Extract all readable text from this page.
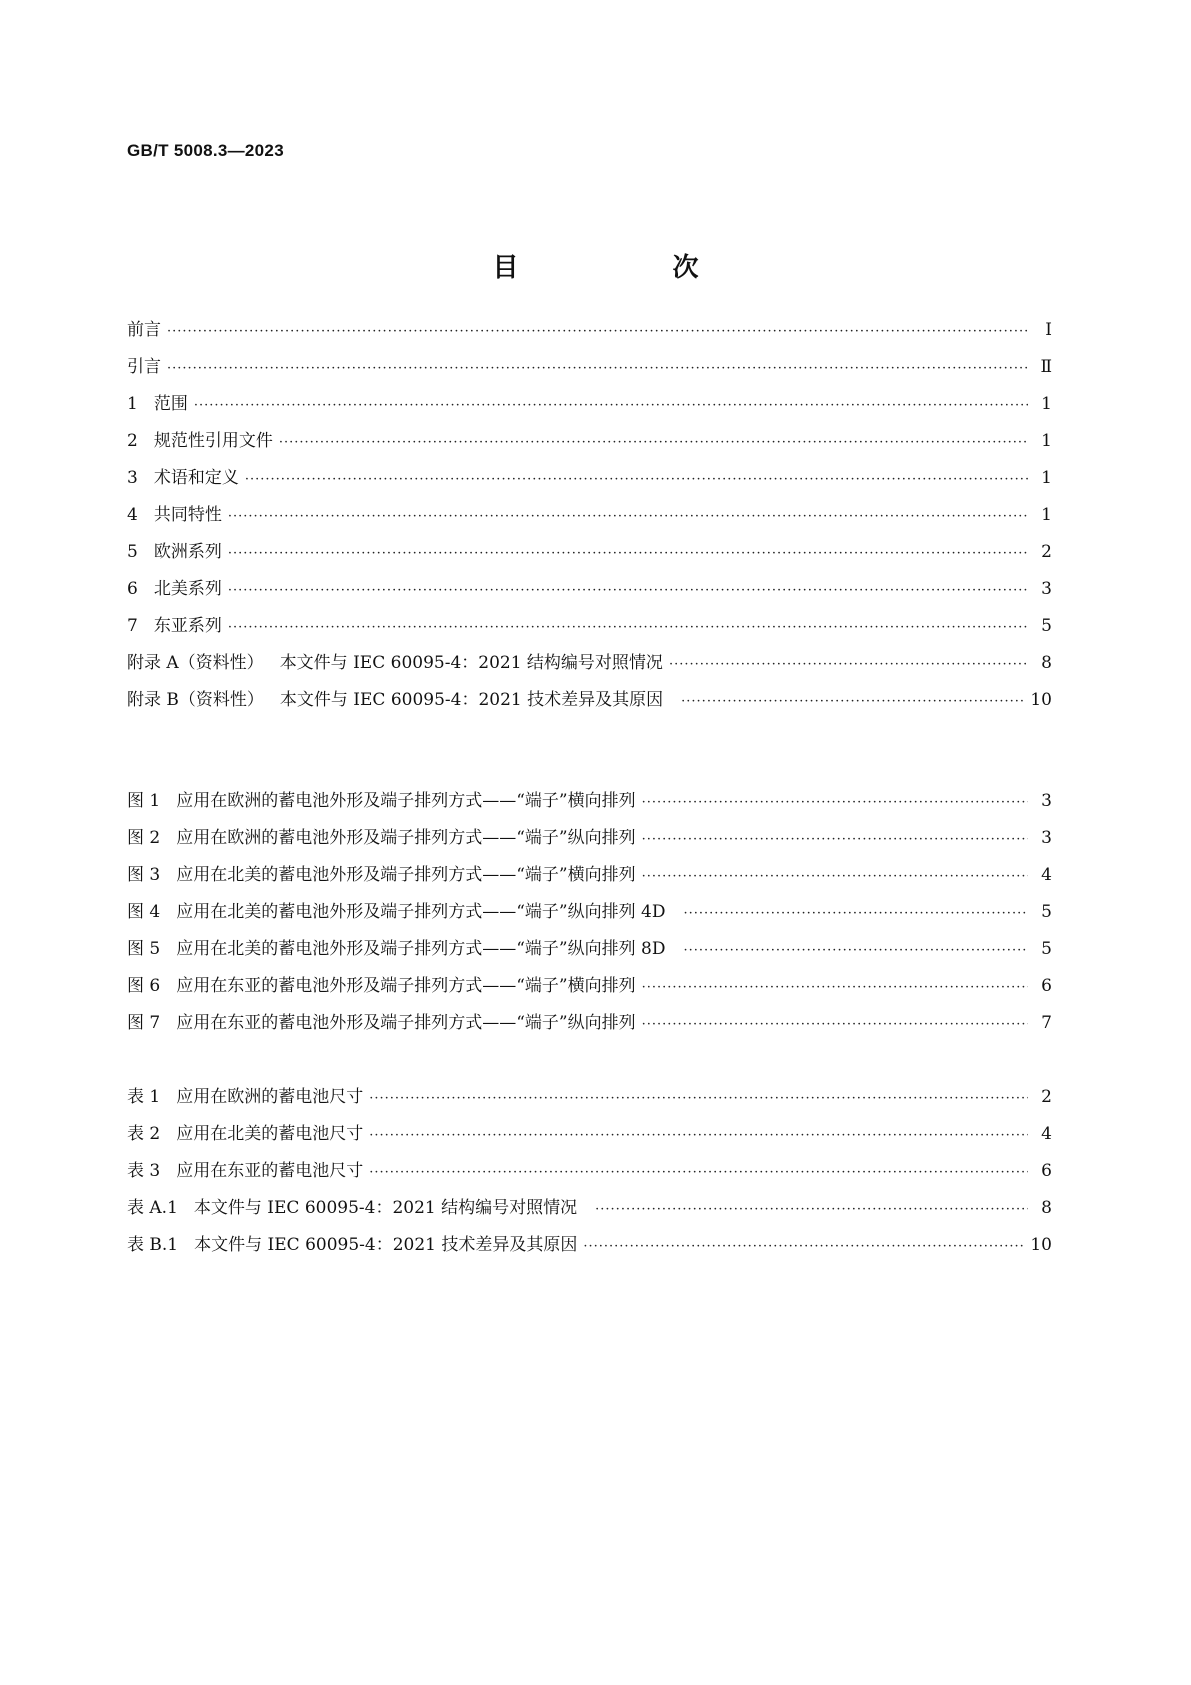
GB/T 5008.3—2023
目　次
前言 ·····	Ⅰ
引言 ·····	Ⅱ
1 范围 ·····	1
2 规范性引用文件 ·····	1
3 术语和定义 ·····	1
4 共同特性 ·····	1
5 欧洲系列 ·····	2
6 北美系列 ·····	3
7 东亚系列 ·····	5
附录 A（资料性） 本文件与 IEC 60095-4：2021 结构编号对照情况 ·····	8
附录 B（资料性） 本文件与 IEC 60095-4：2021 技术差异及其原因 ·····	10
图 1 应用在欧洲的蓄电池外形及端子排列方式——“端子”横向排列 ·····	3
图 2 应用在欧洲的蓄电池外形及端子排列方式——“端子”纵向排列 ·····	3
图 3 应用在北美的蓄电池外形及端子排列方式——“端子”横向排列 ·····	4
图 4 应用在北美的蓄电池外形及端子排列方式——“端子”纵向排列 4D ·····	5
图 5 应用在北美的蓄电池外形及端子排列方式——“端子”纵向排列 8D ·····	5
图 6 应用在东亚的蓄电池外形及端子排列方式——“端子”横向排列 ·····	6
图 7 应用在东亚的蓄电池外形及端子排列方式——“端子”纵向排列 ·····	7
表 1 应用在欧洲的蓄电池尺寸 ·····	2
表 2 应用在北美的蓄电池尺寸 ·····	4
表 3 应用在东亚的蓄电池尺寸 ·····	6
表 A.1 本文件与 IEC 60095-4：2021 结构编号对照情况 ·····	8
表 B.1 本文件与 IEC 60095-4：2021 技术差异及其原因 ·····	10
